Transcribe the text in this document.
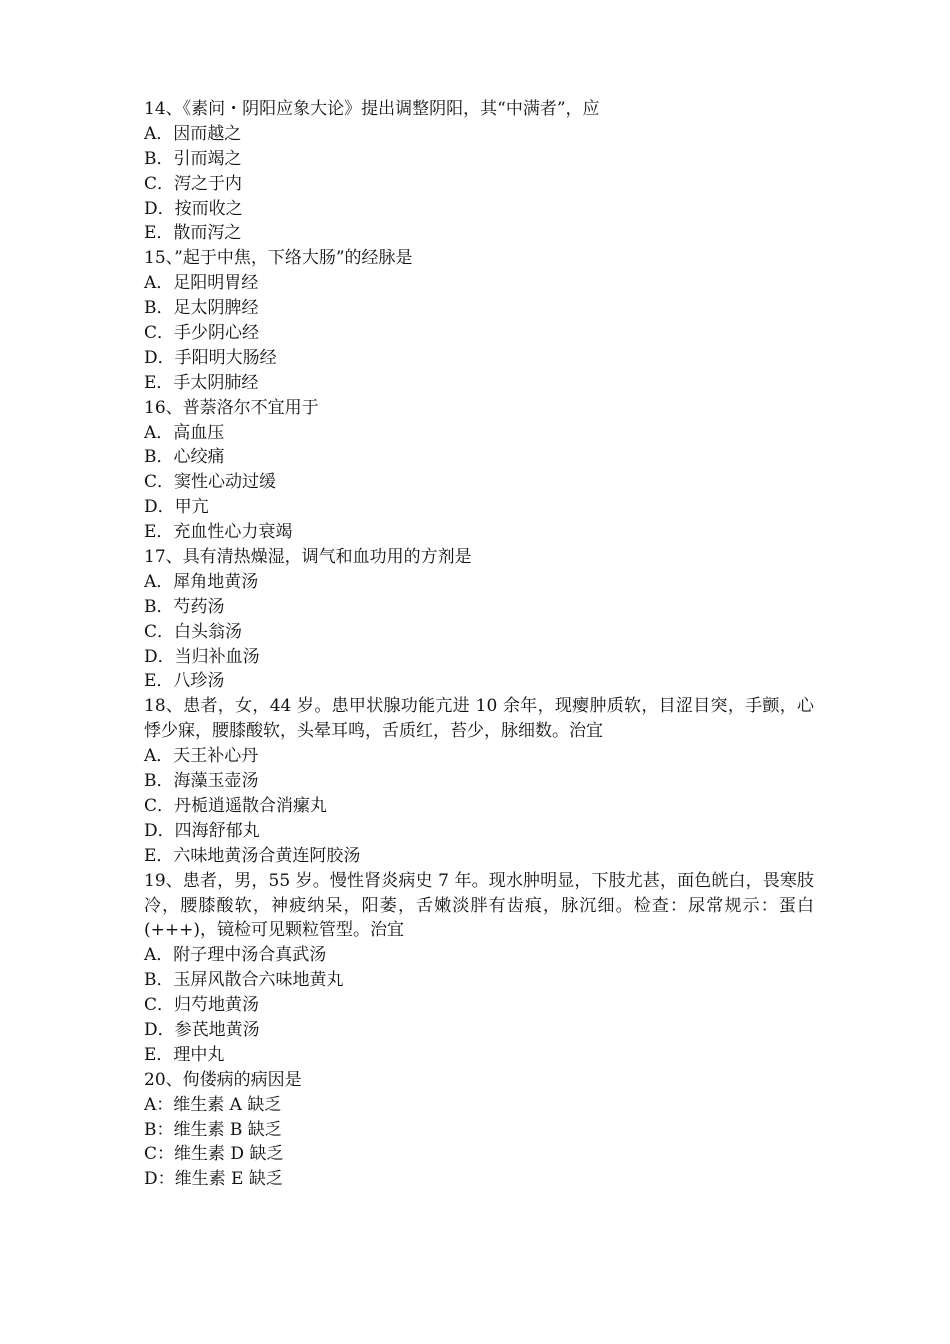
14、《素问・阴阳应象大论》提出调整阴阳，其“中满者”，应
A．因而越之
B．引而竭之
C．泻之于内
D．按而收之
E．散而泻之
15、”起于中焦，下络大肠”的经脉是
A．足阳明胃经
B．足太阴脾经
C．手少阴心经
D．手阳明大肠经
E．手太阴肺经
16、普萘洛尔不宜用于
A．高血压
B．心绞痛
C．窦性心动过缓
D．甲亢
E．充血性心力衰竭
17、具有清热燥湿，调气和血功用的方剂是
A．犀角地黄汤
B．芍药汤
C．白头翁汤
D．当归补血汤
E．八珍汤
18、患者，女，44 岁。患甲状腺功能亢进 10 余年，现瘿肿质软，目涩目突，手颤，心悸少寐，腰膝酸软，头晕耳鸣，舌质红，苔少，脉细数。治宜
A．天王补心丹
B．海藻玉壶汤
C．丹栀逍遥散合消瘰丸
D．四海舒郁丸
E．六味地黄汤合黄连阿胶汤
19、患者，男，55 岁。慢性肾炎病史 7 年。现水肿明显，下肢尤甚，面色㿠白，畏寒肢冷，腰膝酸软，神疲纳呆，阳萎，舌嫩淡胖有齿痕，脉沉细。检查：尿常规示：蛋白(+++)，镜检可见颗粒管型。治宜
A．附子理中汤合真武汤
B．玉屏风散合六味地黄丸
C．归芍地黄汤
D．参芪地黄汤
E．理中丸
20、佝偻病的病因是
A：维生素 A 缺乏
B：维生素 B 缺乏
C：维生素 D 缺乏
D：维生素 E 缺乏
